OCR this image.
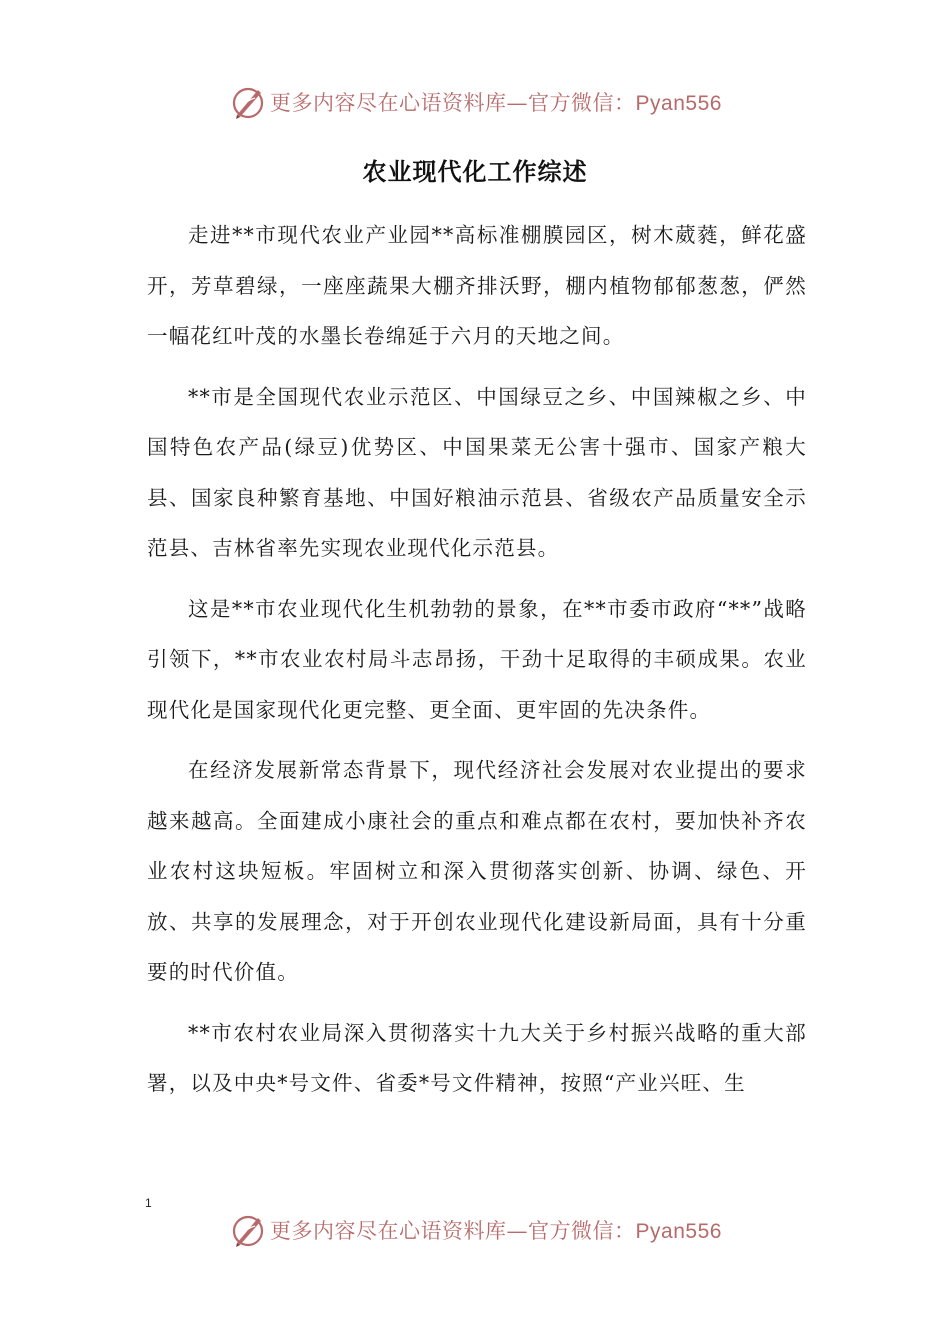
更多内容尽在心语资料库—官方微信：Pyan556
农业现代化工作综述

走进**市现代农业产业园**高标准棚膜园区，树木葳蕤，鲜花盛开，芳草碧绿，一座座蔬果大棚齐排沃野，棚内植物郁郁葱葱，俨然一幅花红叶茂的水墨长卷绵延于六月的天地之间。

**市是全国现代农业示范区、中国绿豆之乡、中国辣椒之乡、中国特色农产品(绿豆)优势区、中国果菜无公害十强市、国家产粮大县、国家良种繁育基地、中国好粮油示范县、省级农产品质量安全示范县、吉林省率先实现农业现代化示范县。

这是**市农业现代化生机勃勃的景象，在**市委市政府“**”战略引领下，**市农业农村局斗志昂扬，干劲十足取得的丰硕成果。农业现代化是国家现代化更完整、更全面、更牢固的先决条件。

在经济发展新常态背景下，现代经济社会发展对农业提出的要求越来越高。全面建成小康社会的重点和难点都在农村，要加快补齐农业农村这块短板。牢固树立和深入贯彻落实创新、协调、绿色、开放、共享的发展理念，对于开创农业现代化建设新局面，具有十分重要的时代价值。

**市农村农业局深入贯彻落实十九大关于乡村振兴战略的重大部署，以及中央*号文件、省委*号文件精神，按照“产业兴旺、生

1
更多内容尽在心语资料库—官方微信：Pyan556
